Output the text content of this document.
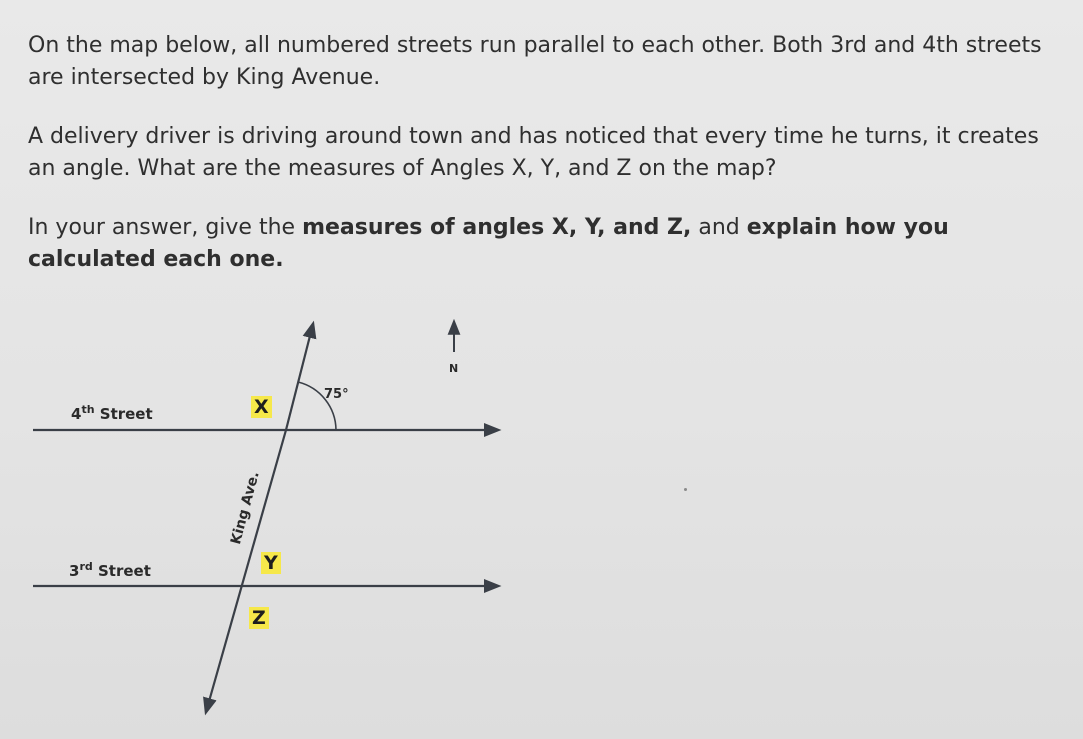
On the map below, all numbered streets run parallel to each other. Both 3rd and 4th streets are intersected by King Avenue.

A delivery driver is driving around town and has noticed that every time he turns, it creates an angle. What are the measures of Angles X, Y, and Z on the map?

In your answer, give the measures of angles X, Y, and Z, and explain how you calculated each one.

4th Street
3rd Street
X
Y
Z
75°
King Ave.
N
